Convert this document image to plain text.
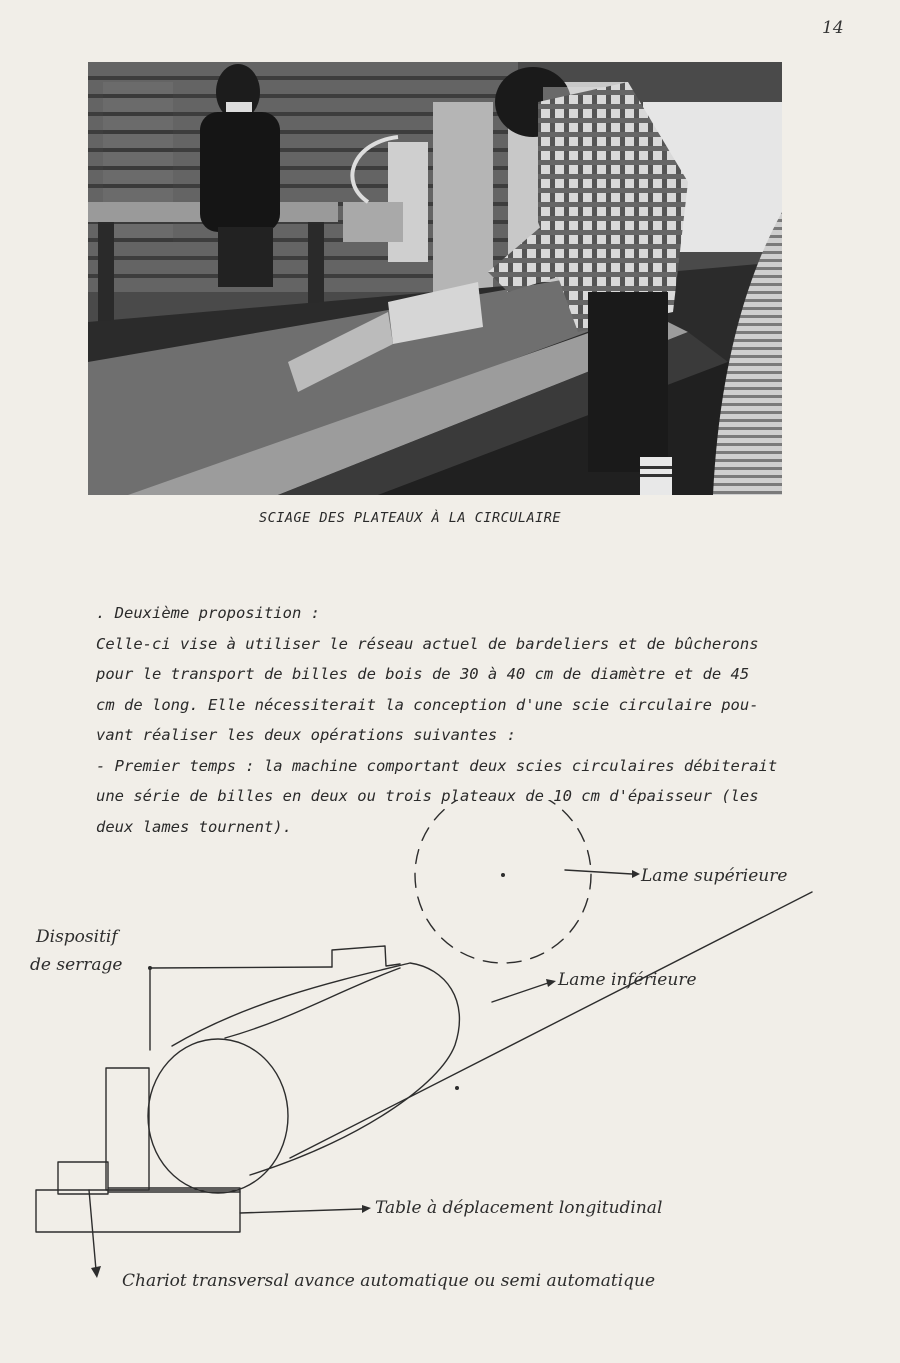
14
SCIAGE DES PLATEAUX À LA CIRCULAIRE

. Deuxième proposition :

Celle-ci vise à utiliser le réseau actuel de bardeliers et de bûcherons

pour le transport de billes de bois de 30 à 40 cm de diamètre et de 45

cm de long. Elle nécessiterait la conception d'une scie circulaire pou-

vant réaliser les deux opérations suivantes :

- Premier temps : la machine comportant deux scies circulaires débiterait

une série de billes en deux ou trois plateaux de 10 cm d'épaisseur (les

deux lames tournent).

Lame supérieure
Lame inférieure
Dispositif
de serrage
Table à déplacement longitudinal
Chariot transversal avance automatique ou semi automatique
